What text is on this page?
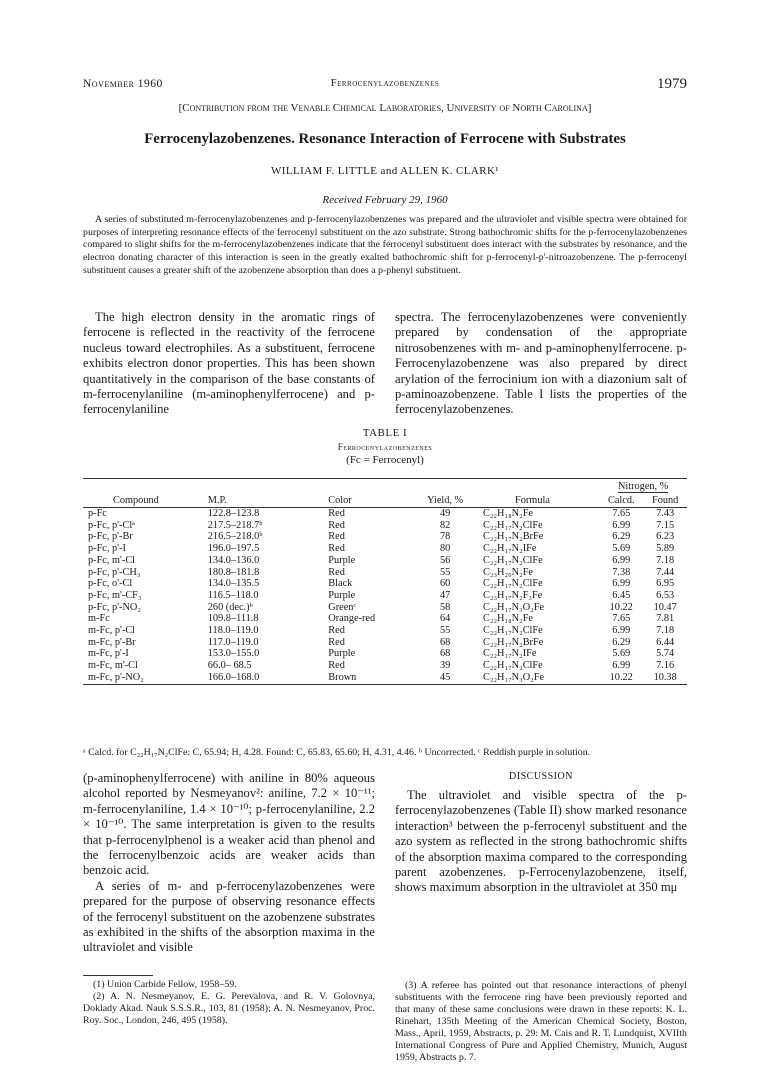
November 1960	Ferrocenylazobenzenes	1979
[Contribution from the Venable Chemical Laboratories, University of North Carolina]
Ferrocenylazobenzenes. Resonance Interaction of Ferrocene with Substrates
WILLIAM F. LITTLE and ALLEN K. CLARK¹
Received February 29, 1960

A series of substituted m-ferrocenylazobenzenes and p-ferrocenylazobenzenes was prepared and the ultraviolet and visible spectra were obtained for purposes of interpreting resonance effects of the ferrocenyl substituent on the azo substrate. Strong bathochromic shifts for the p-ferrocenylazobenzenes compared to slight shifts for the m-ferrocenylazobenzenes indicate that the ferrocenyl substituent does interact with the substrates by resonance, and the electron donating character of this interaction is seen in the greatly exalted bathochromic shift for p-ferrocenyl-p'-nitroazobenzene. The p-ferrocenyl substituent causes a greater shift of the azobenzene absorption than does a p-phenyl substituent.

The high electron density in the aromatic rings of ferrocene is reflected in the reactivity of the ferrocene nucleus toward electrophiles. As a substituent, ferrocene exhibits electron donor properties. This has been shown quantitatively in the comparison of the base constants of m-ferrocenylaniline (m-aminophenylferrocene) and p-ferrocenylaniline

spectra. The ferrocenylazobenzenes were conveniently prepared by condensation of the appropriate nitrosobenzenes with m- and p-aminophenylferrocene. p-Ferrocenylazobenzene was also prepared by direct arylation of the ferrocinium ion with a diazonium salt of p-aminoazobenzene. Table I lists the properties of the ferrocenylazobenzenes.

TABLE I
Ferrocenylazobenzenes
(Fc = Ferrocenyl)
					Nitrogen, %	
Compound	M.P.	Color	Yield, %	Formula	Calcd.	Found
p-Fc	122.8–123.8	Red	49	C₂₂H₁₈N₂Fe	7.65	7.43
p-Fc, p'-Clᵃ	217.5–218.7ᵇ	Red	82	C₂₂H₁₇N₂ClFe	6.99	7.15
p-Fc, p'-Br	216.5–218.0ᵇ	Red	78	C₂₂H₁₇N₂BrFe	6.29	6.23
p-Fc, p'-I	196.0–197.5	Red	80	C₂₂H₁₇N₂IFe	5.69	5.89
p-Fc, m'-Cl	134.0–136.0	Purple	56	C₂₂H₁₇N₂ClFe	6.99	7.18
p-Fc, p'-CH₃	180.8–181.8	Red	55	C₂₃H₂₀N₂Fe	7.38	7.44
p-Fc, o'-Cl	134.0–135.5	Black	60	C₂₂H₁₇N₂ClFe	6.99	6.95
p-Fc, m'-CF₃	116.5–118.0	Purple	47	C₂₃H₁₇N₂F₃Fe	6.45	6.53
p-Fc, p'-NO₂	260 (dec.)ᵇ	Greenᶜ	58	C₂₂H₁₇N₃O₂Fe	10.22	10.47
m-Fc	109.8–111.8	Orange-red	64	C₂₂H₁₈N₂Fe	7.65	7.81
m-Fc, p'-Cl	118.0–119.0	Red	55	C₂₂H₁₇N₂ClFe	6.99	7.18
m-Fc, p'-Br	117.0–119.0	Red	68	C₂₂H₁₇N₂BrFe	6.29	6.44
m-Fc, p'-I	153.0–155.0	Purple	68	C₂₂H₁₇N₂IFe	5.69	5.74
m-Fc, m'-Cl	66.0– 68.5	Red	39	C₂₂H₁₇N₂ClFe	6.99	7.16
m-Fc, p'-NO₂	166.0–168.0	Brown	45	C₂₂H₁₇N₃O₂Fe	10.22	10.38
ᵃ Calcd. for C₂₂H₁₇N₂ClFe: C, 65.94; H, 4.28. Found: C, 65.83, 65.60; H, 4.31, 4.46. ᵇ Uncorrected. ᶜ Reddish purple in solution.

(p-aminophenylferrocene) with aniline in 80% aqueous alcohol reported by Nesmeyanov²: aniline, 7.2 × 10⁻¹¹; m-ferrocenylaniline, 1.4 × 10⁻¹⁰; p-ferrocenylaniline, 2.2 × 10⁻¹⁰. The same interpretation is given to the results that p-ferrocenylphenol is a weaker acid than phenol and the ferrocenylbenzoic acids are weaker acids than benzoic acid.

A series of m- and p-ferrocenylazobenzenes were prepared for the purpose of observing resonance effects of the ferrocenyl substituent on the azobenzene substrates as exhibited in the shifts of the absorption maxima in the ultraviolet and visible

DISCUSSION

The ultraviolet and visible spectra of the p-ferrocenylazobenzenes (Table II) show marked resonance interaction³ between the p-ferrocenyl substituent and the azo system as reflected in the strong bathochromic shifts of the absorption maxima compared to the corresponding parent azobenzenes. p-Ferrocenylazobenzene, itself, shows maximum absorption in the ultraviolet at 350 mμ

(1) Union Carbide Fellow, 1958–59.

(2) A. N. Nesmeyanov, E. G. Perevalova, and R. V. Golovnya, Doklady Akad. Nauk S.S.S.R., 103, 81 (1958); A. N. Nesmeyanov, Proc. Roy. Soc., London, 246, 495 (1958).

(3) A referee has pointed out that resonance interactions of phenyl substituents with the ferrocene ring have been previously reported and that many of these same conclusions were drawn in these reports: K. L. Rinehart, 135th Meeting of the American Chemical Society, Boston, Mass., April, 1959, Abstracts, p. 29: M. Cais and R. T. Lundquist, XVIIth International Congress of Pure and Applied Chemistry, Munich, August 1959, Abstracts p. 7.
